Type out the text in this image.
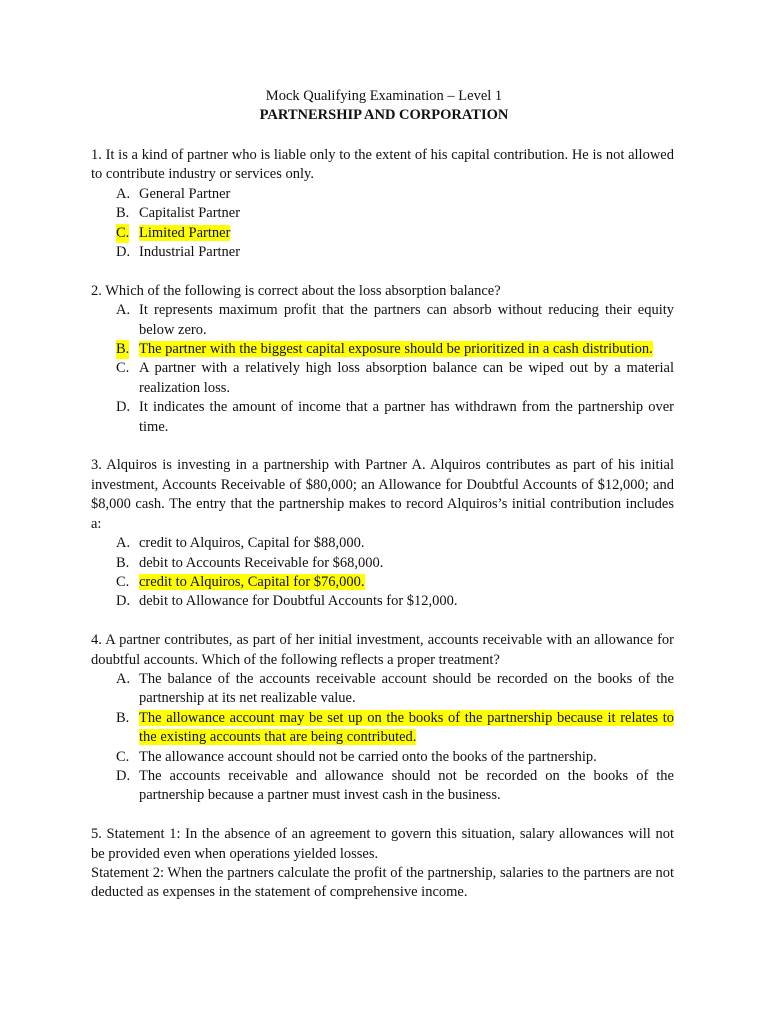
Mock Qualifying Examination – Level 1
PARTNERSHIP AND CORPORATION
1. It is a kind of partner who is liable only to the extent of his capital contribution. He is not allowed to contribute industry or services only.
A. General Partner
B. Capitalist Partner
C. Limited Partner
D. Industrial Partner
2. Which of the following is correct about the loss absorption balance?
A. It represents maximum profit that the partners can absorb without reducing their equity below zero.
B. The partner with the biggest capital exposure should be prioritized in a cash distribution.
C. A partner with a relatively high loss absorption balance can be wiped out by a material realization loss.
D. It indicates the amount of income that a partner has withdrawn from the partnership over time.
3. Alquiros is investing in a partnership with Partner A. Alquiros contributes as part of his initial investment, Accounts Receivable of $80,000; an Allowance for Doubtful Accounts of $12,000; and $8,000 cash. The entry that the partnership makes to record Alquiros’s initial contribution includes a:
A. credit to Alquiros, Capital for $88,000.
B. debit to Accounts Receivable for $68,000.
C. credit to Alquiros, Capital for $76,000.
D. debit to Allowance for Doubtful Accounts for $12,000.
4. A partner contributes, as part of her initial investment, accounts receivable with an allowance for doubtful accounts. Which of the following reflects a proper treatment?
A. The balance of the accounts receivable account should be recorded on the books of the partnership at its net realizable value.
B. The allowance account may be set up on the books of the partnership because it relates to the existing accounts that are being contributed.
C. The allowance account should not be carried onto the books of the partnership.
D. The accounts receivable and allowance should not be recorded on the books of the partnership because a partner must invest cash in the business.
5. Statement 1: In the absence of an agreement to govern this situation, salary allowances will not be provided even when operations yielded losses.
Statement 2: When the partners calculate the profit of the partnership, salaries to the partners are not deducted as expenses in the statement of comprehensive income.
